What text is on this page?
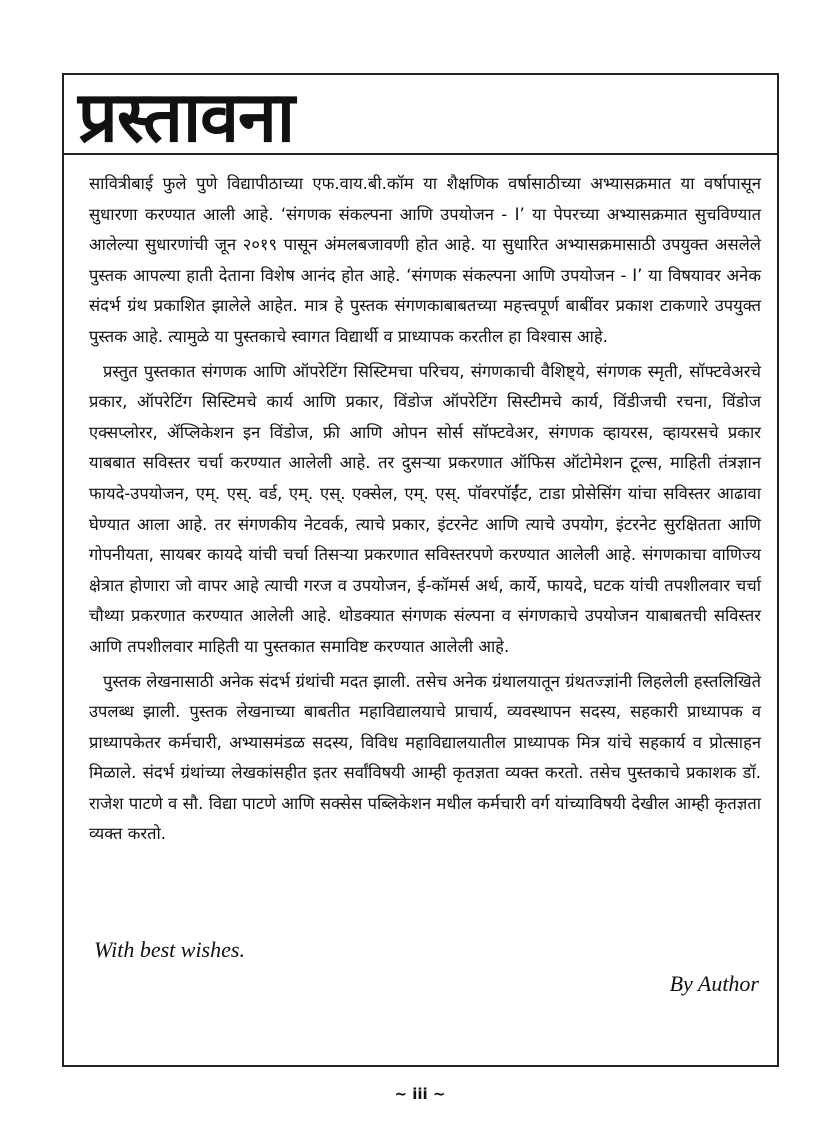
प्रस्तावना

सावित्रीबाई फुले पुणे विद्यापीठाच्या एफ.वाय.बी.कॉम या शैक्षणिक वर्षासाठीच्या अभ्यासक्रमात या वर्षापासून सुधारणा करण्यात आली आहे. ‘संगणक संकल्पना आणि उपयोजन - I’ या पेपरच्या अभ्यासक्रमात सुचविण्यात आलेल्या सुधारणांची जून २०१९ पासून अंमलबजावणी होत आहे. या सुधारित अभ्यासक्रमासाठी उपयुक्त असलेले पुस्तक आपल्या हाती देताना विशेष आनंद होत आहे. ‘संगणक संकल्पना आणि उपयोजन - I’ या विषयावर अनेक संदर्भ ग्रंथ प्रकाशित झालेले आहेत. मात्र हे पुस्तक संगणकाबाबतच्या महत्त्वपूर्ण बाबींवर प्रकाश टाकणारे उपयुक्त पुस्तक आहे. त्यामुळे या पुस्तकाचे स्वागत विद्यार्थी व प्राध्यापक करतील हा विश्वास आहे.

प्रस्तुत पुस्तकात संगणक आणि ऑपरेटिंग सिस्टिमचा परिचय, संगणकाची वैशिष्ट्ये, संगणक स्मृती, सॉफ्टवेअरचे प्रकार, ऑपरेटिंग सिस्टिमचे कार्य आणि प्रकार, विंडोज ऑपरेटिंग सिस्टीमचे कार्य, विंडीजची रचना, विंडोज एक्सप्लोरर, ॲप्लिकेशन इन विंडोज, फ्री आणि ओपन सोर्स सॉफ्टवेअर, संगणक व्हायरस, व्हायरसचे प्रकार याबबात सविस्तर चर्चा करण्यात आलेली आहे. तर दुसऱ्या प्रकरणात ऑफिस ऑटोमेशन टूल्स, माहिती तंत्रज्ञान फायदे-उपयोजन, एम्. एस्. वर्ड, एम्. एस्. एक्सेल, एम्. एस्. पॉवरपॉईंट, टाडा प्रोसेसिंग यांचा सविस्तर आढावा घेण्यात आला आहे. तर संगणकीय नेटवर्क, त्याचे प्रकार, इंटरनेट आणि त्याचे उपयोग, इंटरनेट सुरक्षितता आणि गोपनीयता, सायबर कायदे यांची चर्चा तिसऱ्या प्रकरणात सविस्तरपणे करण्यात आलेली आहे. संगणकाचा वाणिज्य क्षेत्रात होणारा जो वापर आहे त्याची गरज व उपयोजन, ई-कॉमर्स अर्थ, कार्ये, फायदे, घटक यांची तपशीलवार चर्चा चौथ्या प्रकरणात करण्यात आलेली आहे. थोडक्यात संगणक संल्पना व संगणकाचे उपयोजन याबाबतची सविस्तर आणि तपशीलवार माहिती या पुस्तकात समाविष्ट करण्यात आलेली आहे.

पुस्तक लेखनासाठी अनेक संदर्भ ग्रंथांची मदत झाली. तसेच अनेक ग्रंथालयातून ग्रंथतज्ज्ञांनी लिहलेली हस्तलिखिते उपलब्ध झाली. पुस्तक लेखनाच्या बाबतीत महाविद्यालयाचे प्राचार्य, व्यवस्थापन सदस्य, सहकारी प्राध्यापक व प्राध्यापकेतर कर्मचारी, अभ्यासमंडळ सदस्य, विविध महाविद्यालयातील प्राध्यापक मित्र यांचे सहकार्य व प्रोत्साहन मिळाले. संदर्भ ग्रंथांच्या लेखकांसहीत इतर सर्वांविषयी आम्ही कृतज्ञता व्यक्त करतो. तसेच पुस्तकाचे प्रकाशक डॉ. राजेश पाटणे व सौ. विद्या पाटणे आणि सक्सेस पब्लिकेशन मधील कर्मचारी वर्ग यांच्याविषयी देखील आम्ही कृतज्ञता व्यक्त करतो.

With best wishes.
By Author
~ iii ~
